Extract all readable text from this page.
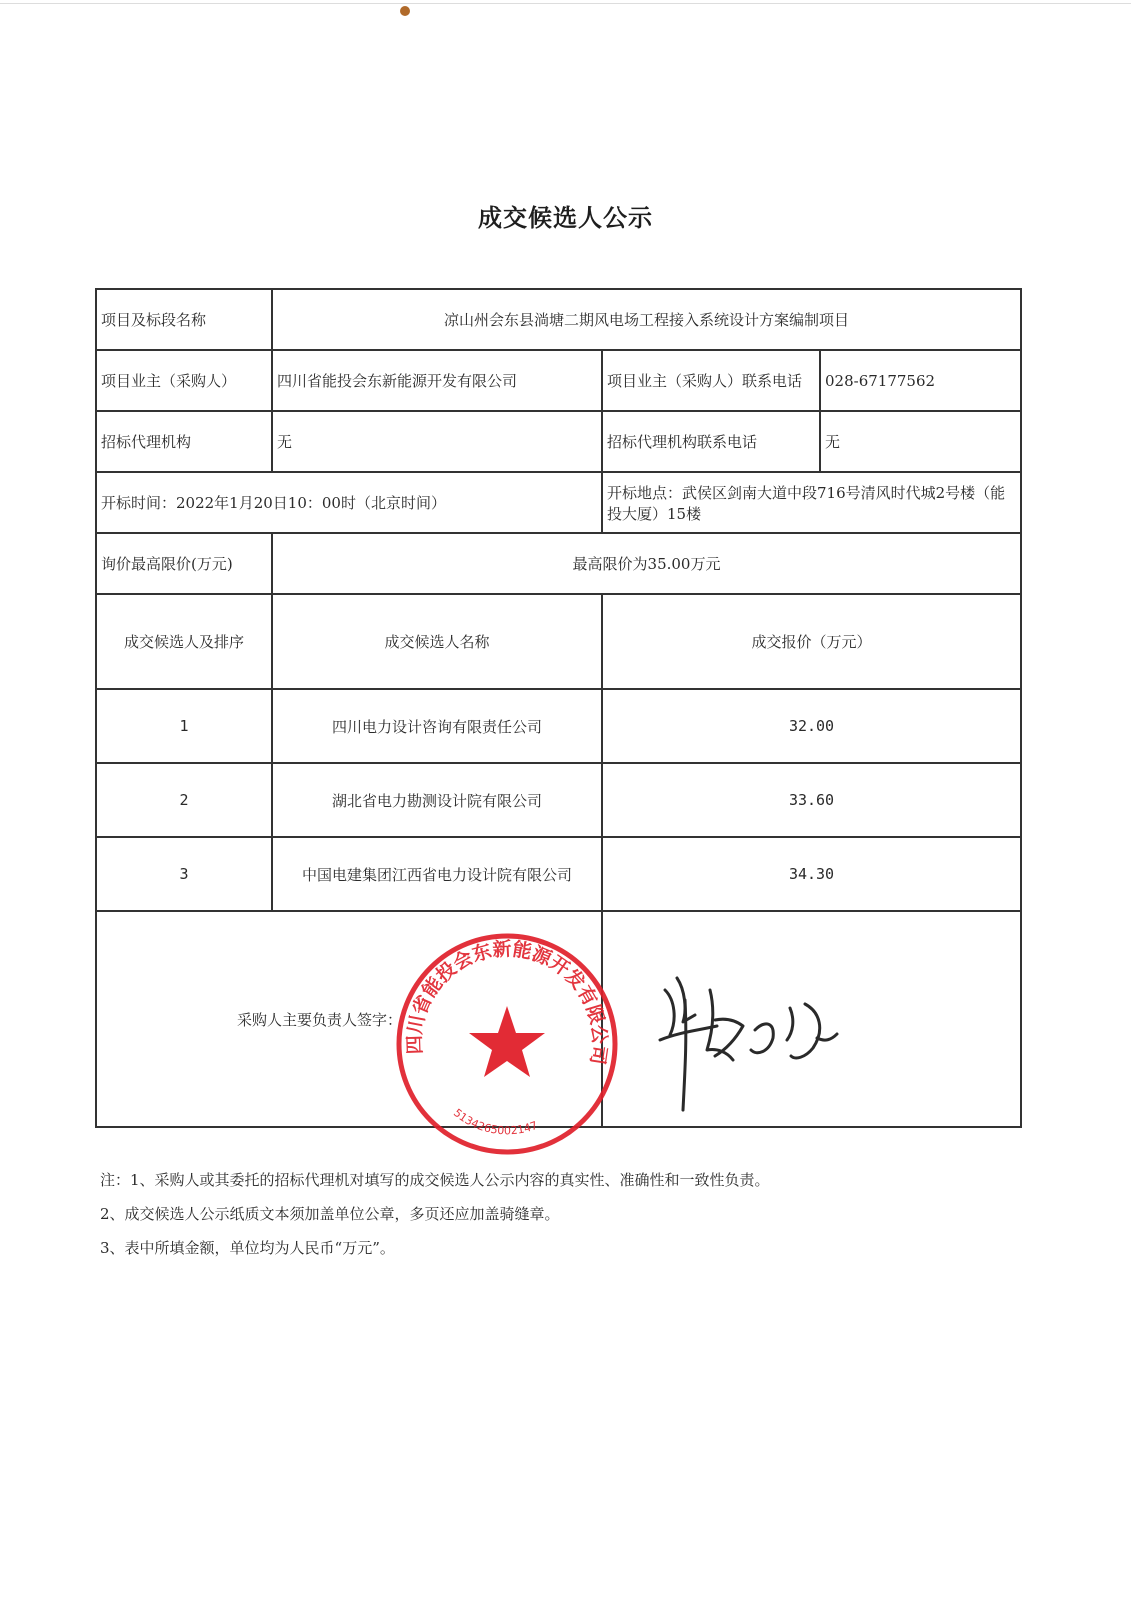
成交候选人公示
项目及标段名称	凉山州会东县淌塘二期风电场工程接入系统设计方案编制项目		
项目业主（采购人）	四川省能投会东新能源开发有限公司	项目业主（采购人）联系电话	028-67177562
招标代理机构	无	招标代理机构联系电话	无
开标时间：2022年1月20日10：00时（北京时间）		开标地点：武侯区剑南大道中段716号清风时代城2号楼（能投大厦）15楼	
询价最高限价(万元)	最高限价为35.00万元		
成交候选人及排序	成交候选人名称	成交报价（万元）	
1	四川电力设计咨询有限责任公司	32.00	
2	湖北省电力勘测设计院有限公司	33.60	
3	中国电建集团江西省电力设计院有限公司	34.30	
采购人主要负责人签字：			
四川省能投会东新能源开发有限公司
5134265002147
注：1、采购人或其委托的招标代理机对填写的成交候选人公示内容的真实性、准确性和一致性负责。
2、成交候选人公示纸质文本须加盖单位公章，多页还应加盖骑缝章。
3、表中所填金额，单位均为人民币“万元”。
